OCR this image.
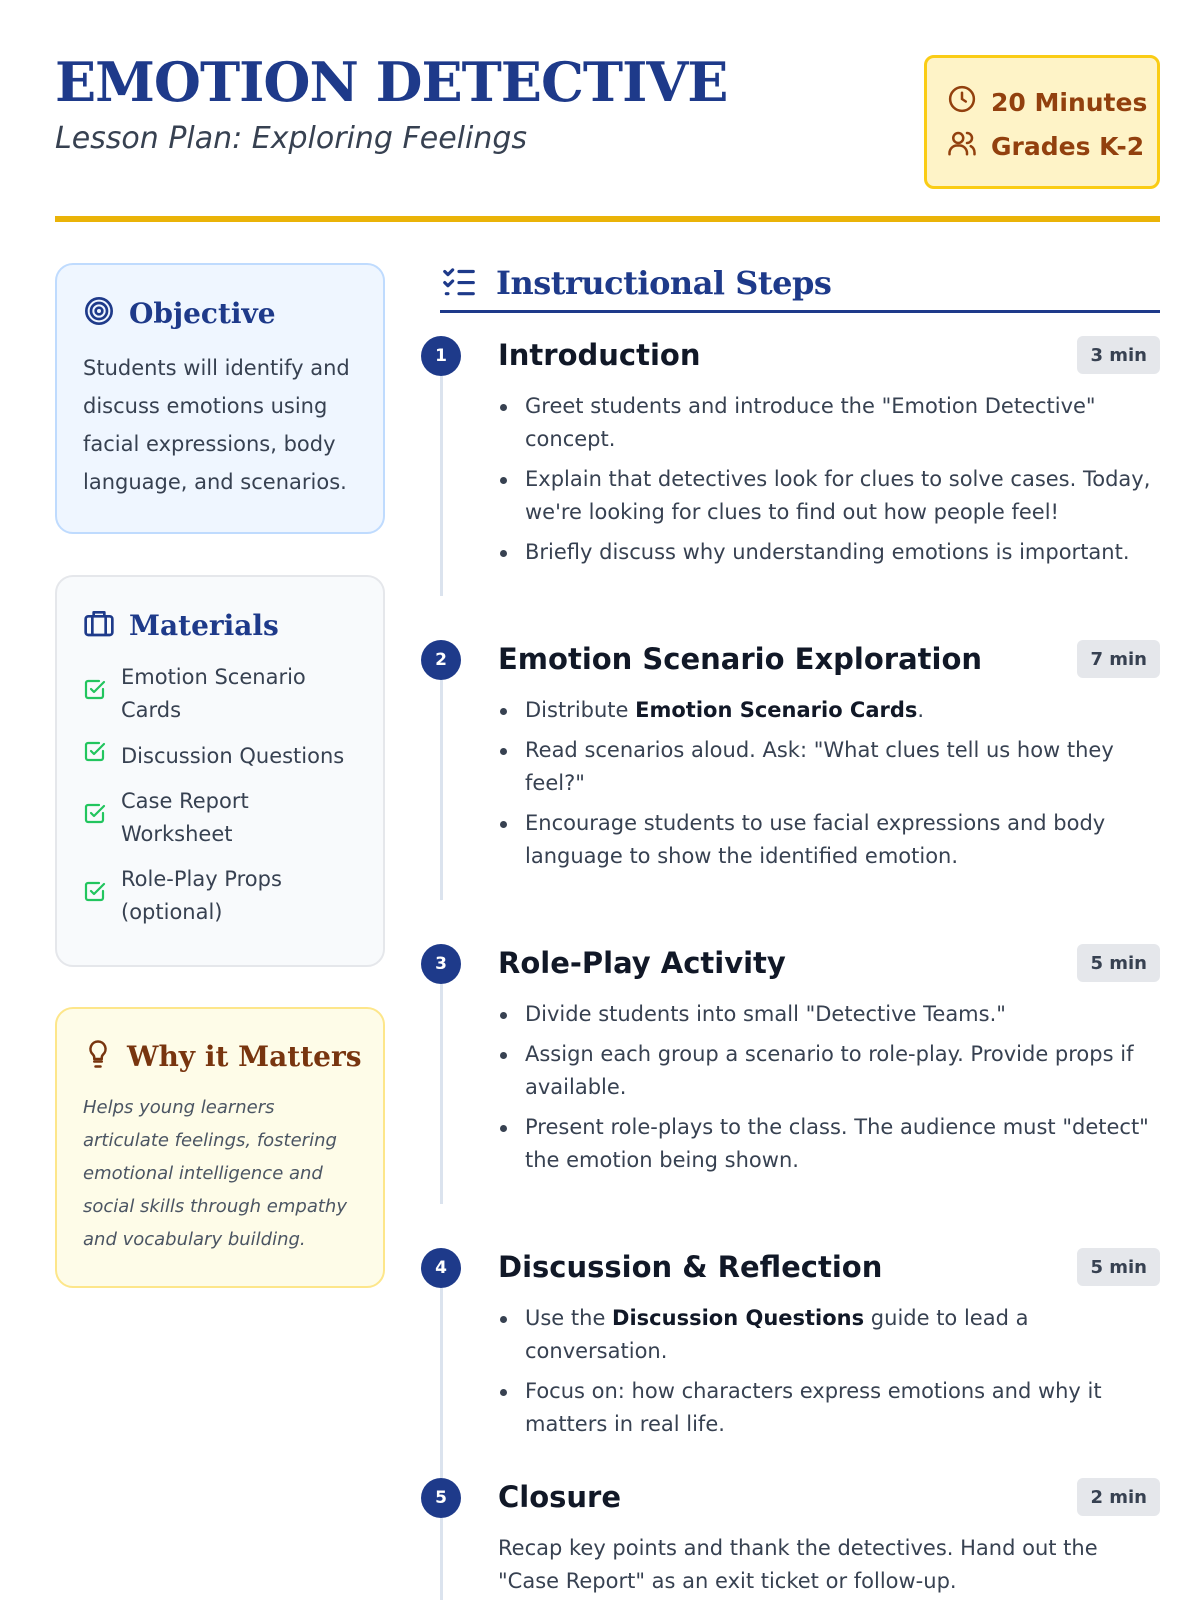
EMOTION DETECTIVE
Lesson Plan: Exploring Feelings
20 Minutes
Grades K-2
Objective

Students will identify and discuss emotions using facial expressions, body language, and scenarios.

Materials
Emotion Scenario Cards
Discussion Questions
Case Report Worksheet
Role-Play Props (optional)
Why it Matters

Helps young learners articulate feelings, fostering emotional intelligence and social skills through empathy and vocabulary building.

Instructional Steps
1	Introduction	3 min
Greet students and introduce the "Emotion Detective" concept.
Explain that detectives look for clues to solve cases. Today, we're looking for clues to find out how people feel!
Briefly discuss why understanding emotions is important.
2	Emotion Scenario Exploration	7 min
Distribute Emotion Scenario Cards.
Read scenarios aloud. Ask: "What clues tell us how they feel?"
Encourage students to use facial expressions and body language to show the identified emotion.
3	Role-Play Activity	5 min
Divide students into small "Detective Teams."
Assign each group a scenario to role-play. Provide props if available.
Present role-plays to the class. The audience must "detect" the emotion being shown.
4	Discussion & Reflection	5 min
Use the Discussion Questions guide to lead a conversation.
Focus on: how characters express emotions and why it matters in real life.
5	Closure	2 min

Recap key points and thank the detectives. Hand out the "Case Report" as an exit ticket or follow-up.
